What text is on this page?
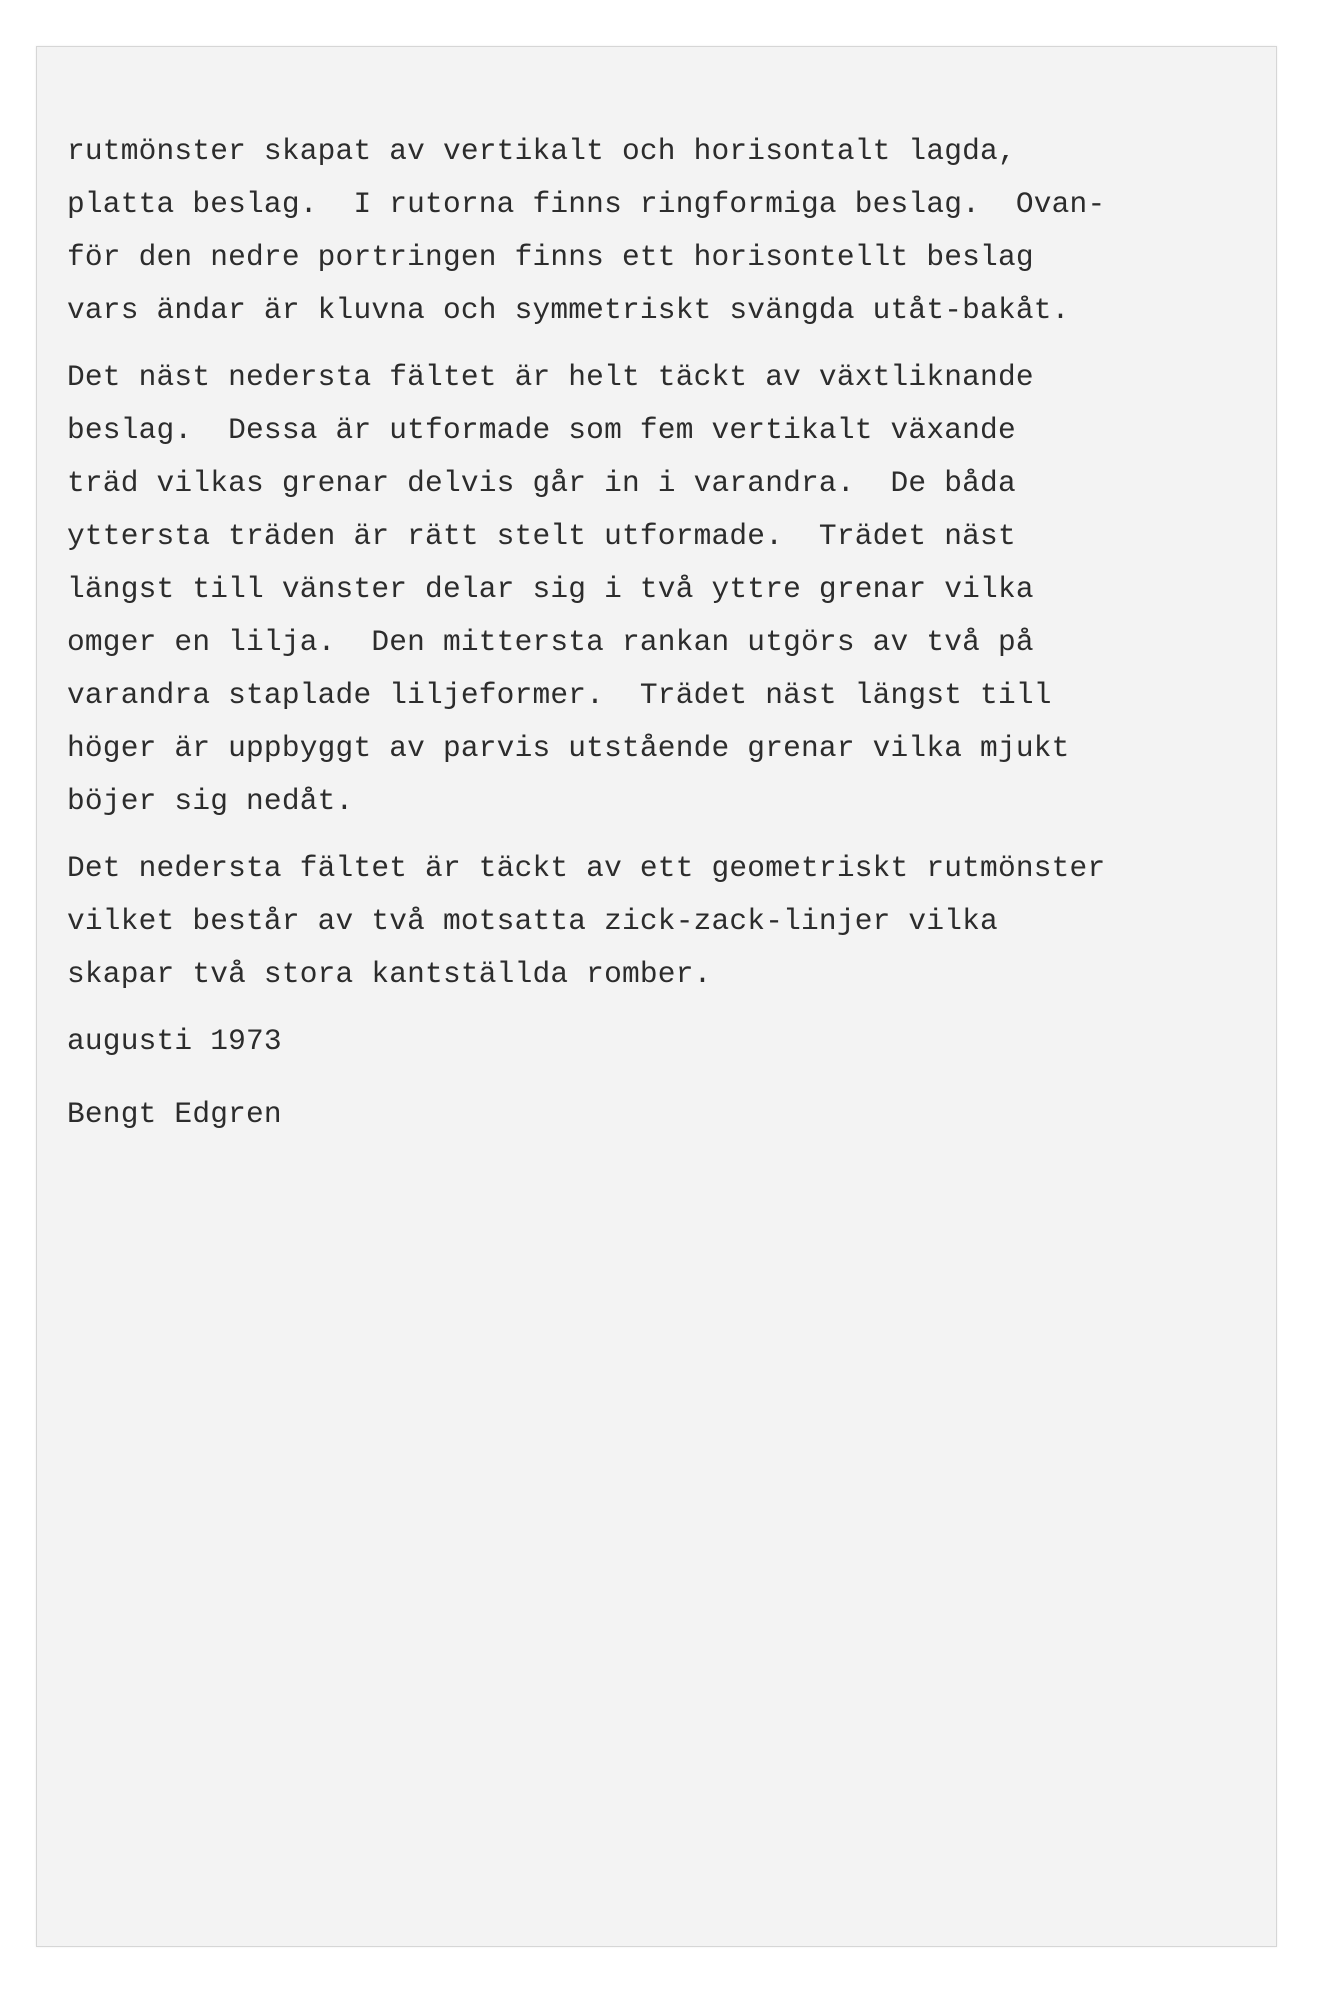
rutmönster skapat av vertikalt och horisontalt lagda,
platta beslag.  I rutorna finns ringformiga beslag.  Ovan-
för den nedre portringen finns ett horisontellt beslag
vars ändar är kluvna och symmetriskt svängda utåt-bakåt.
Det näst nedersta fältet är helt täckt av växtliknande
beslag.  Dessa är utformade som fem vertikalt växande
träd vilkas grenar delvis går in i varandra.  De båda
yttersta träden är rätt stelt utformade.  Trädet näst
längst till vänster delar sig i två yttre grenar vilka
omger en lilja.  Den mittersta rankan utgörs av två på
varandra staplade liljeformer.  Trädet näst längst till
höger är uppbyggt av parvis utstående grenar vilka mjukt
böjer sig nedåt.
Det nedersta fältet är täckt av ett geometriskt rutmönster
vilket består av två motsatta zick-zack-linjer vilka
skapar två stora kantställda romber.
augusti 1973
Bengt Edgren
